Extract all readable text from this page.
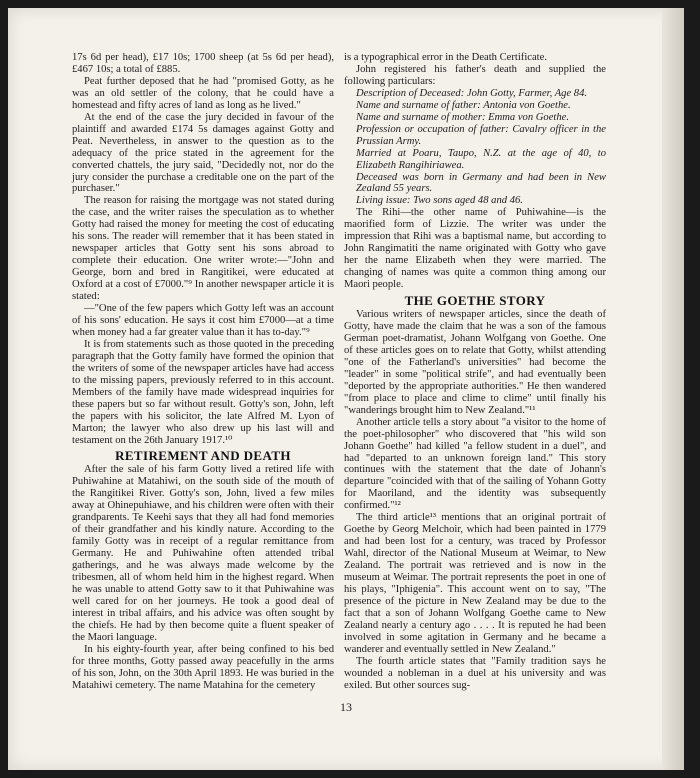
17s 6d per head), £17 10s; 1700 sheep (at 5s 6d per head), £467 10s; a total of £885.

Peat further deposed that he had "promised Gotty, as he was an old settler of the colony, that he could have a homestead and fifty acres of land as long as he lived."

At the end of the case the jury decided in favour of the plaintiff and awarded £174 5s damages against Gotty and Peat. Nevertheless, in answer to the question as to the adequacy of the price stated in the agreement for the converted chattels, the jury said, "Decidedly not, nor do the jury consider the purchase a creditable one on the part of the purchaser."

The reason for raising the mortgage was not stated during the case, and the writer raises the speculation as to whether Gotty had raised the money for meeting the cost of educating his sons. The reader will remember that it has been stated in newspaper articles that Gotty sent his sons abroad to complete their education. One writer wrote:—"John and George, born and bred in Rangitikei, were educated at Oxford at a cost of £7000."⁹ In another newspaper article it is stated:

—"One of the few papers which Gotty left was an account of his sons' education. He says it cost him £7000—at a time when money had a far greater value than it has to-day."⁹

It is from statements such as those quoted in the preceding paragraph that the Gotty family have formed the opinion that the writers of some of the newspaper articles have had access to the missing papers, previously referred to in this account. Members of the family have made widespread inquiries for these papers but so far without result. Gotty's son, John, left the papers with his solicitor, the late Alfred M. Lyon of Marton; the lawyer who also drew up his last will and testament on the 26th January 1917.¹⁰

RETIREMENT AND DEATH

After the sale of his farm Gotty lived a retired life with Puhiwahine at Matahiwi, on the south side of the mouth of the Rangitikei River. Gotty's son, John, lived a few miles away at Ohinepuhiawe, and his children were often with their grandparents. Te Keehi says that they all had fond memories of their grandfather and his kindly nature. According to the family Gotty was in receipt of a regular remittance from Germany. He and Puhiwahine often attended tribal gatherings, and he was always made welcome by the tribesmen, all of whom held him in the highest regard. When he was unable to attend Gotty saw to it that Puhiwahine was well cared for on her journeys. He took a good deal of interest in tribal affairs, and his advice was often sought by the chiefs. He had by then become quite a fluent speaker of the Maori language.

In his eighty-fourth year, after being confined to his bed for three months, Gotty passed away peacefully in the arms of his son, John, on the 30th April 1893. He was buried in the Matahiwi cemetery. The name Matahina for the cemetery

is a typographical error in the Death Certificate.

John registered his father's death and supplied the following particulars:

Description of Deceased: John Gotty, Farmer, Age 84.

Name and surname of father: Antonia von Goethe.

Name and surname of mother: Emma von Goethe.

Profession or occupation of father: Cavalry officer in the Prussian Army.

Married at Poaru, Taupo, N.Z. at the age of 40, to Elizabeth Rangihiriawea.

Deceased was born in Germany and had been in New Zealand 55 years.

Living issue: Two sons aged 48 and 46.

The Rihi—the other name of Puhiwahine—is the maorified form of Lizzie. The writer was under the impression that Rihi was a baptismal name, but according to John Rangimatiti the name originated with Gotty who gave her the name Elizabeth when they were married. The changing of names was quite a common thing among our Maori people.

THE GOETHE STORY

Various writers of newspaper articles, since the death of Gotty, have made the claim that he was a son of the famous German poet-dramatist, Johann Wolfgang von Goethe. One of these articles goes on to relate that Gotty, whilst attending "one of the Fatherland's universities" had become the "leader" in some "political strife", and had eventually been "deported by the appropriate authorities." He then wandered "from place to place and clime to clime" until finally his "wanderings brought him to New Zealand."¹¹

Another article tells a story about "a visitor to the home of the poet-philosopher" who discovered that "his wild son Johann Goethe" had killed "a fellow student in a duel", and had "departed to an unknown foreign land." This story continues with the statement that the date of Johann's departure "coincided with that of the sailing of Yohann Gotty for Maoriland, and the identity was subsequently confirmed."¹²

The third article¹³ mentions that an original portrait of Goethe by Georg Melchoir, which had been painted in 1779 and had been lost for a century, was traced by Professor Wahl, director of the National Museum at Weimar, to New Zealand. The portrait was retrieved and is now in the museum at Weimar. The portrait represents the poet in one of his plays, "Iphigenia". This account went on to say, "The presence of the picture in New Zealand may be due to the fact that a son of Johann Wolfgang Goethe came to New Zealand nearly a century ago . . . . It is reputed he had been involved in some agitation in Germany and he became a wanderer and eventually settled in New Zealand."

The fourth article states that "Family tradition says he wounded a nobleman in a duel at his university and was exiled. But other sources sug-

13
